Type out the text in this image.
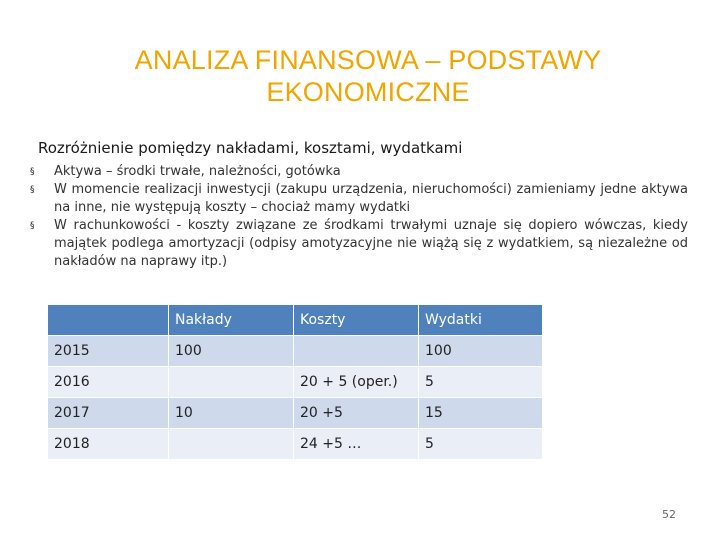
ANALIZA FINANSOWA – PODSTAWY
EKONOMICZNE
Rozróżnienie pomiędzy nakładami, kosztami, wydatkami
§ Aktywa – środki trwałe, należności, gotówka
§ W momencie realizacji inwestycji (zakupu urządzenia, nieruchomości) zamieniamy jedne aktywa na inne, nie występują koszty – chociaż mamy wydatki
§ W rachunkowości - koszty związane ze środkami trwałymi uznaje się dopiero wówczas, kiedy majątek podlega amortyzacji (odpisy amotyzacyjne nie wiążą się z wydatkiem, są niezależne od nakładów na naprawy itp.)
	Nakłady	Koszty	Wydatki
2015	100		100
2016		20 + 5 (oper.)	5
2017	10	20 +5	15
2018		24 +5 …	5
52
